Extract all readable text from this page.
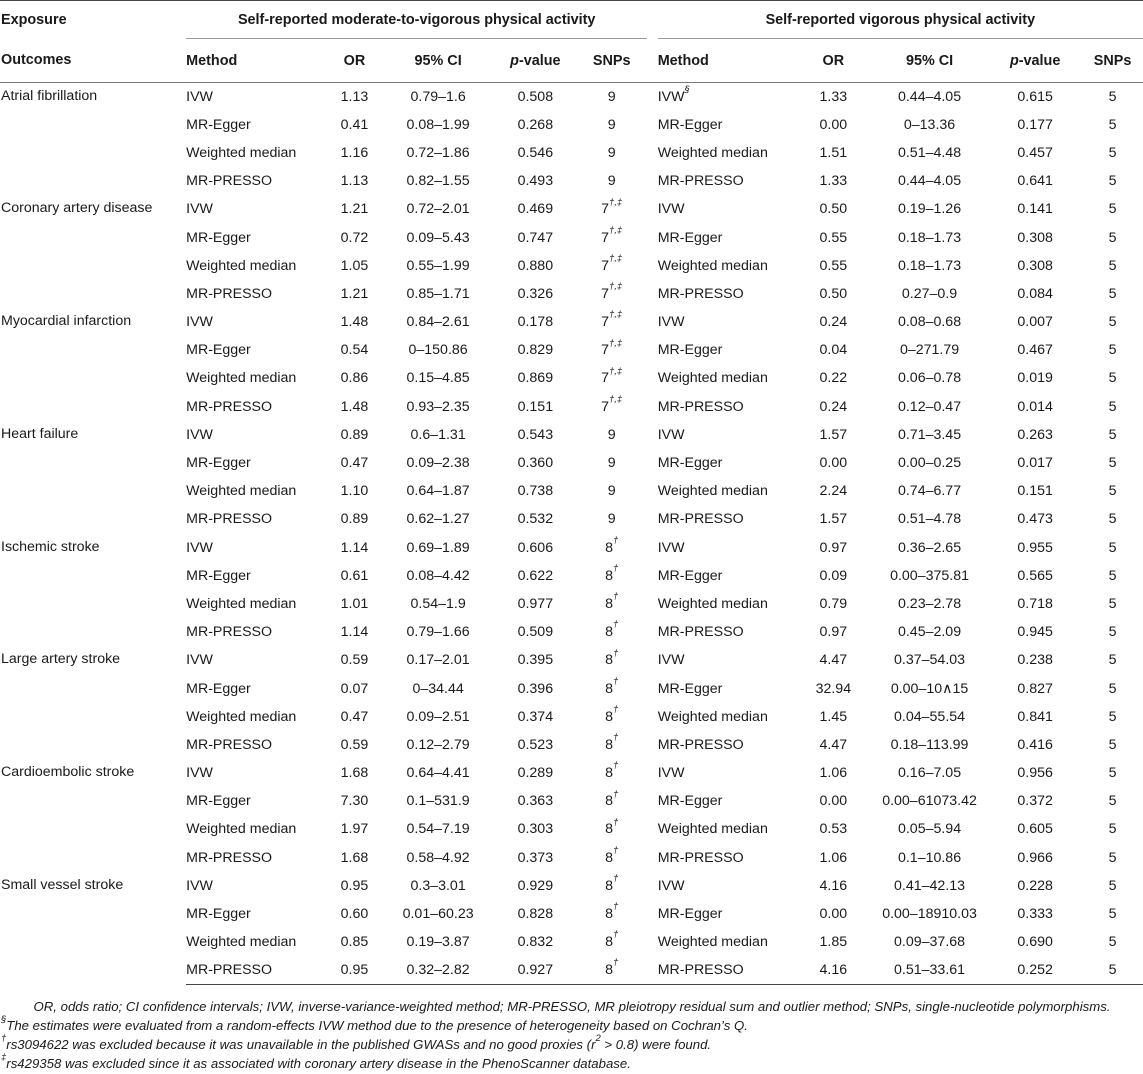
Exposure	Self-reported moderate-to-vigorous physical activity						Self-reported vigorous physical activity				
Outcomes	Method	OR	95% CI	p-value	SNPs		Method	OR	95% CI	p-value	SNPs
Atrial fibrillation	IVW	1.13	0.79–1.6	0.508	9		IVW§	1.33	0.44–4.05	0.615	5
	MR-Egger	0.41	0.08–1.99	0.268	9		MR-Egger	0.00	0–13.36	0.177	5
	Weighted median	1.16	0.72–1.86	0.546	9		Weighted median	1.51	0.51–4.48	0.457	5
	MR-PRESSO	1.13	0.82–1.55	0.493	9		MR-PRESSO	1.33	0.44–4.05	0.641	5
Coronary artery disease	IVW	1.21	0.72–2.01	0.469	7†,‡		IVW	0.50	0.19–1.26	0.141	5
	MR-Egger	0.72	0.09–5.43	0.747	7†,‡		MR-Egger	0.55	0.18–1.73	0.308	5
	Weighted median	1.05	0.55–1.99	0.880	7†,‡		Weighted median	0.55	0.18–1.73	0.308	5
	MR-PRESSO	1.21	0.85–1.71	0.326	7†,‡		MR-PRESSO	0.50	0.27–0.9	0.084	5
Myocardial infarction	IVW	1.48	0.84–2.61	0.178	7†,‡		IVW	0.24	0.08–0.68	0.007	5
	MR-Egger	0.54	0–150.86	0.829	7†,‡		MR-Egger	0.04	0–271.79	0.467	5
	Weighted median	0.86	0.15–4.85	0.869	7†,‡		Weighted median	0.22	0.06–0.78	0.019	5
	MR-PRESSO	1.48	0.93–2.35	0.151	7†,‡		MR-PRESSO	0.24	0.12–0.47	0.014	5
Heart failure	IVW	0.89	0.6–1.31	0.543	9		IVW	1.57	0.71–3.45	0.263	5
	MR-Egger	0.47	0.09–2.38	0.360	9		MR-Egger	0.00	0.00–0.25	0.017	5
	Weighted median	1.10	0.64–1.87	0.738	9		Weighted median	2.24	0.74–6.77	0.151	5
	MR-PRESSO	0.89	0.62–1.27	0.532	9		MR-PRESSO	1.57	0.51–4.78	0.473	5
Ischemic stroke	IVW	1.14	0.69–1.89	0.606	8†		IVW	0.97	0.36–2.65	0.955	5
	MR-Egger	0.61	0.08–4.42	0.622	8†		MR-Egger	0.09	0.00–375.81	0.565	5
	Weighted median	1.01	0.54–1.9	0.977	8†		Weighted median	0.79	0.23–2.78	0.718	5
	MR-PRESSO	1.14	0.79–1.66	0.509	8†		MR-PRESSO	0.97	0.45–2.09	0.945	5
Large artery stroke	IVW	0.59	0.17–2.01	0.395	8†		IVW	4.47	0.37–54.03	0.238	5
	MR-Egger	0.07	0–34.44	0.396	8†		MR-Egger	32.94	0.00–10∧15	0.827	5
	Weighted median	0.47	0.09–2.51	0.374	8†		Weighted median	1.45	0.04–55.54	0.841	5
	MR-PRESSO	0.59	0.12–2.79	0.523	8†		MR-PRESSO	4.47	0.18–113.99	0.416	5
Cardioembolic stroke	IVW	1.68	0.64–4.41	0.289	8†		IVW	1.06	0.16–7.05	0.956	5
	MR-Egger	7.30	0.1–531.9	0.363	8†		MR-Egger	0.00	0.00–61073.42	0.372	5
	Weighted median	1.97	0.54–7.19	0.303	8†		Weighted median	0.53	0.05–5.94	0.605	5
	MR-PRESSO	1.68	0.58–4.92	0.373	8†		MR-PRESSO	1.06	0.1–10.86	0.966	5
Small vessel stroke	IVW	0.95	0.3–3.01	0.929	8†		IVW	4.16	0.41–42.13	0.228	5
	MR-Egger	0.60	0.01–60.23	0.828	8†		MR-Egger	0.00	0.00–18910.03	0.333	5
	Weighted median	0.85	0.19–3.87	0.832	8†		Weighted median	1.85	0.09–37.68	0.690	5
	MR-PRESSO	0.95	0.32–2.82	0.927	8†		MR-PRESSO	4.16	0.51–33.61	0.252	5
OR, odds ratio; CI confidence intervals; IVW, inverse-variance-weighted method; MR-PRESSO, MR pleiotropy residual sum and outlier method; SNPs, single-nucleotide polymorphisms.
§The estimates were evaluated from a random-effects IVW method due to the presence of heterogeneity based on Cochran’s Q.
†rs3094622 was excluded because it was unavailable in the published GWASs and no good proxies $(r^2 > 0.8)$ were found.
‡rs429358 was excluded since it as associated with coronary artery disease in the PhenoScanner database.
